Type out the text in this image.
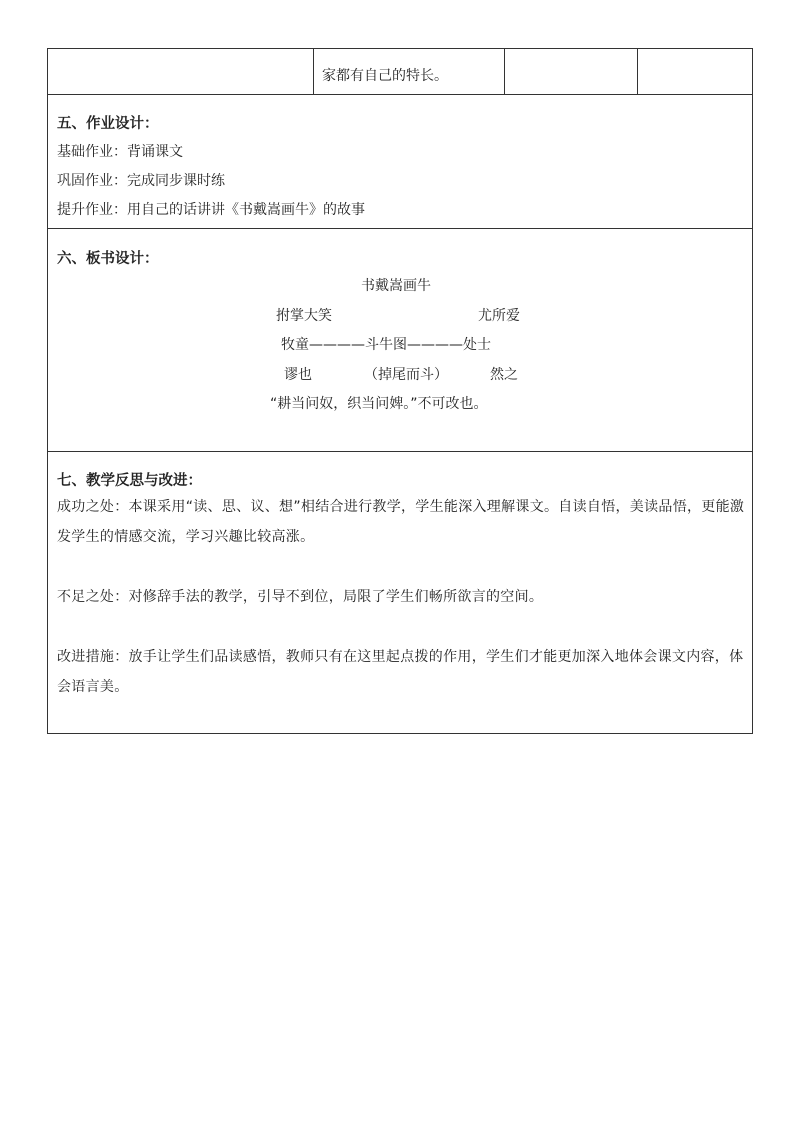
家都有自己的特长。
五、作业设计：
基础作业：背诵课文
巩固作业：完成同步课时练
提升作业：用自己的话讲讲《书戴嵩画牛》的故事
六、板书设计：
书戴嵩画牛
拊掌大笑	尤所爱
牧童————斗牛图————处士
谬也	（掉尾而斗）	然之
“耕当问奴，织当问婢。”不可改也。
七、教学反思与改进：
成功之处：本课采用“读、思、议、想”相结合进行教学，学生能深入理解课文。自读自悟，美读品悟，更能激发学生的情感交流，学习兴趣比较高涨。
不足之处：对修辞手法的教学，引导不到位，局限了学生们畅所欲言的空间。
改进措施：放手让学生们品读感悟，教师只有在这里起点拨的作用，学生们才能更加深入地体会课文内容，体会语言美。
